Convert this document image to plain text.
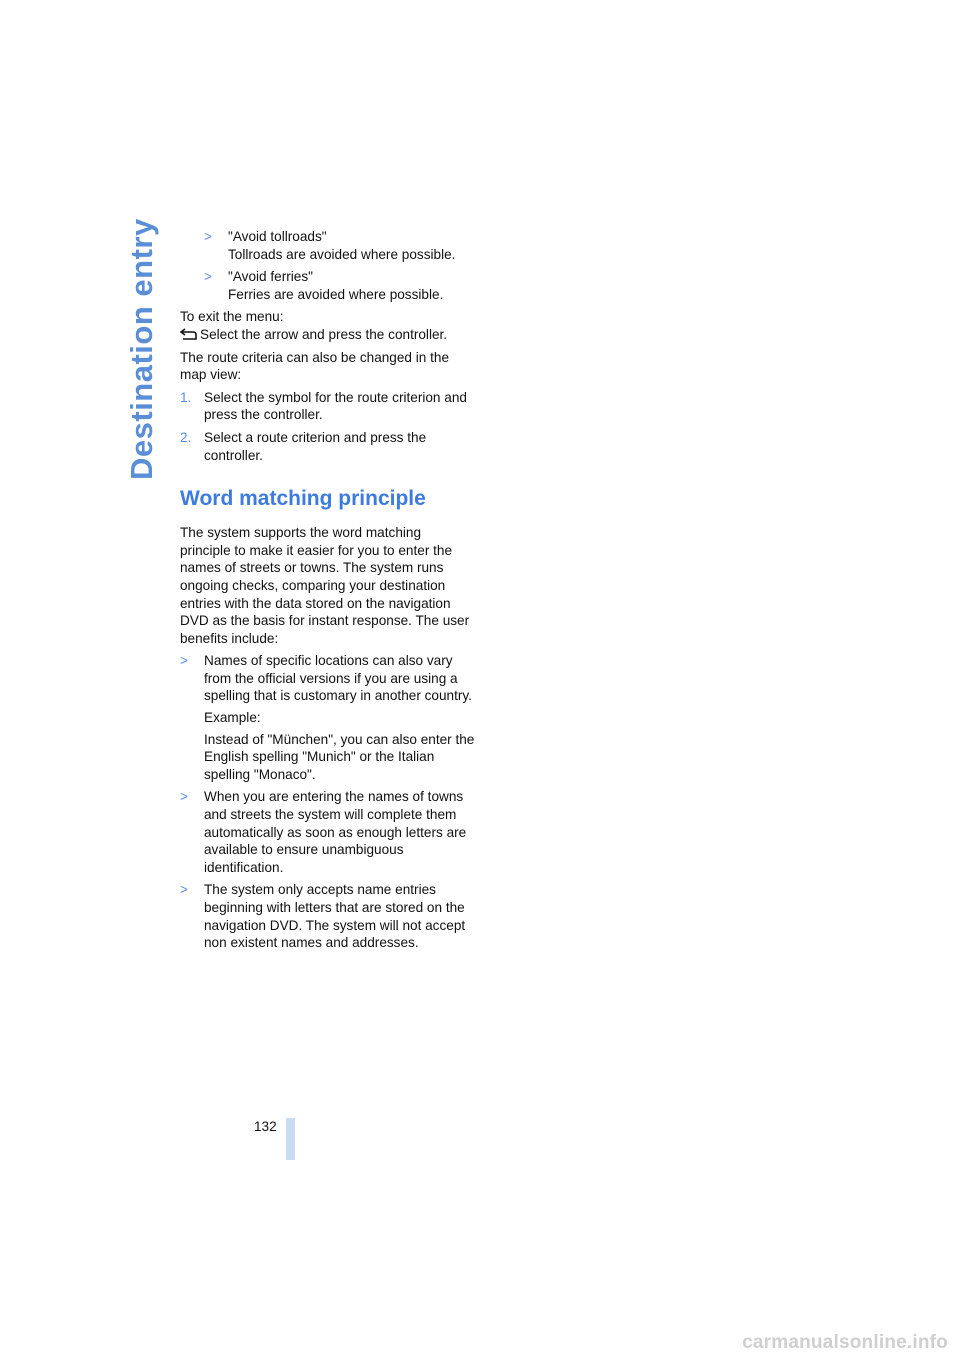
Destination entry	> "Avoid tollroads"
Tollroads are avoided where possible.
> "Avoid ferries"
Ferries are avoided where possible.

To exit the menu:
Select the arrow and press the controller.

The route criteria can also be changed in the map view:

1. Select the symbol for the route criterion and press the controller.
2. Select a route criterion and press the controller.
Word matching principle

The system supports the word matching principle to make it easier for you to enter the names of streets or towns. The system runs ongoing checks, comparing your destination entries with the data stored on the navigation DVD as the basis for instant response. The user benefits include:

> Names of specific locations can also vary from the official versions if you are using a spelling that is customary in another country.
Example:
Instead of "München", you can also enter the English spelling "Munich" or the Italian spelling "Monaco".
> When you are entering the names of towns and streets the system will complete them automatically as soon as enough letters are available to ensure unambiguous identification.
> The system only accepts name entries beginning with letters that are stored on the navigation DVD. The system will not accept non existent names and addresses.
132
carmanualsonline.info
